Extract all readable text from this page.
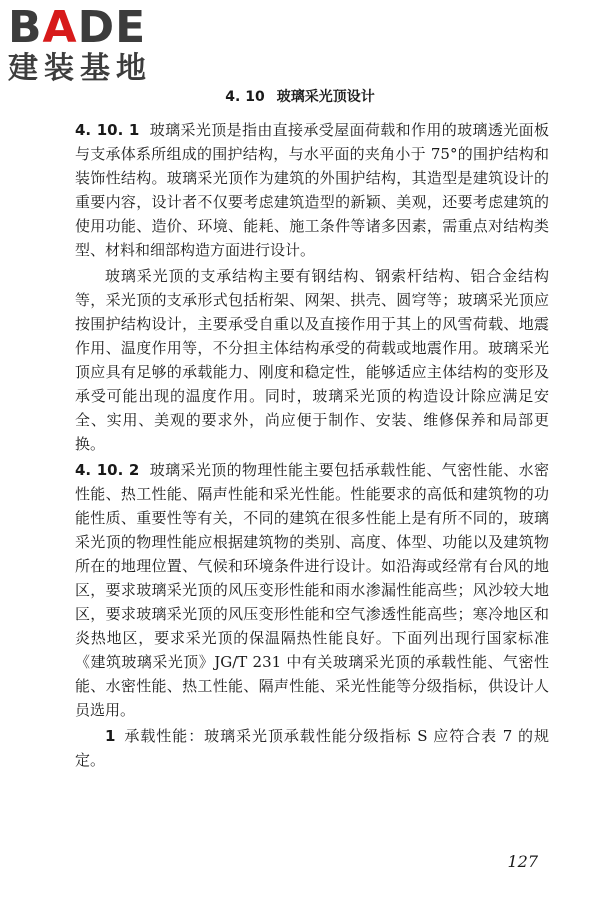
BADE
建装基地
4. 10 玻璃采光顶设计

4. 10. 1 玻璃采光顶是指由直接承受屋面荷载和作用的玻璃透光面板与支承体系所组成的围护结构，与水平面的夹角小于 75°的围护结构和装饰性结构。玻璃采光顶作为建筑的外围护结构，其造型是建筑设计的重要内容，设计者不仅要考虑建筑造型的新颖、美观，还要考虑建筑的使用功能、造价、环境、能耗、施工条件等诸多因素，需重点对结构类型、材料和细部构造方面进行设计。

玻璃采光顶的支承结构主要有钢结构、钢索杆结构、铝合金结构等，采光顶的支承形式包括桁架、网架、拱壳、圆穹等；玻璃采光顶应按围护结构设计，主要承受自重以及直接作用于其上的风雪荷载、地震作用、温度作用等，不分担主体结构承受的荷载或地震作用。玻璃采光顶应具有足够的承载能力、刚度和稳定性，能够适应主体结构的变形及承受可能出现的温度作用。同时，玻璃采光顶的构造设计除应满足安全、实用、美观的要求外，尚应便于制作、安装、维修保养和局部更换。

4. 10. 2 玻璃采光顶的物理性能主要包括承载性能、气密性能、水密性能、热工性能、隔声性能和采光性能。性能要求的高低和建筑物的功能性质、重要性等有关，不同的建筑在很多性能上是有所不同的，玻璃采光顶的物理性能应根据建筑物的类别、高度、体型、功能以及建筑物所在的地理位置、气候和环境条件进行设计。如沿海或经常有台风的地区，要求玻璃采光顶的风压变形性能和雨水渗漏性能高些；风沙较大地区，要求玻璃采光顶的风压变形性能和空气渗透性能高些；寒冷地区和炎热地区，要求采光顶的保温隔热性能良好。下面列出现行国家标准《建筑玻璃采光顶》JG/T 231 中有关玻璃采光顶的承载性能、气密性能、水密性能、热工性能、隔声性能、采光性能等分级指标，供设计人员选用。

1 承载性能：玻璃采光顶承载性能分级指标 S 应符合表 7 的规定。

127
